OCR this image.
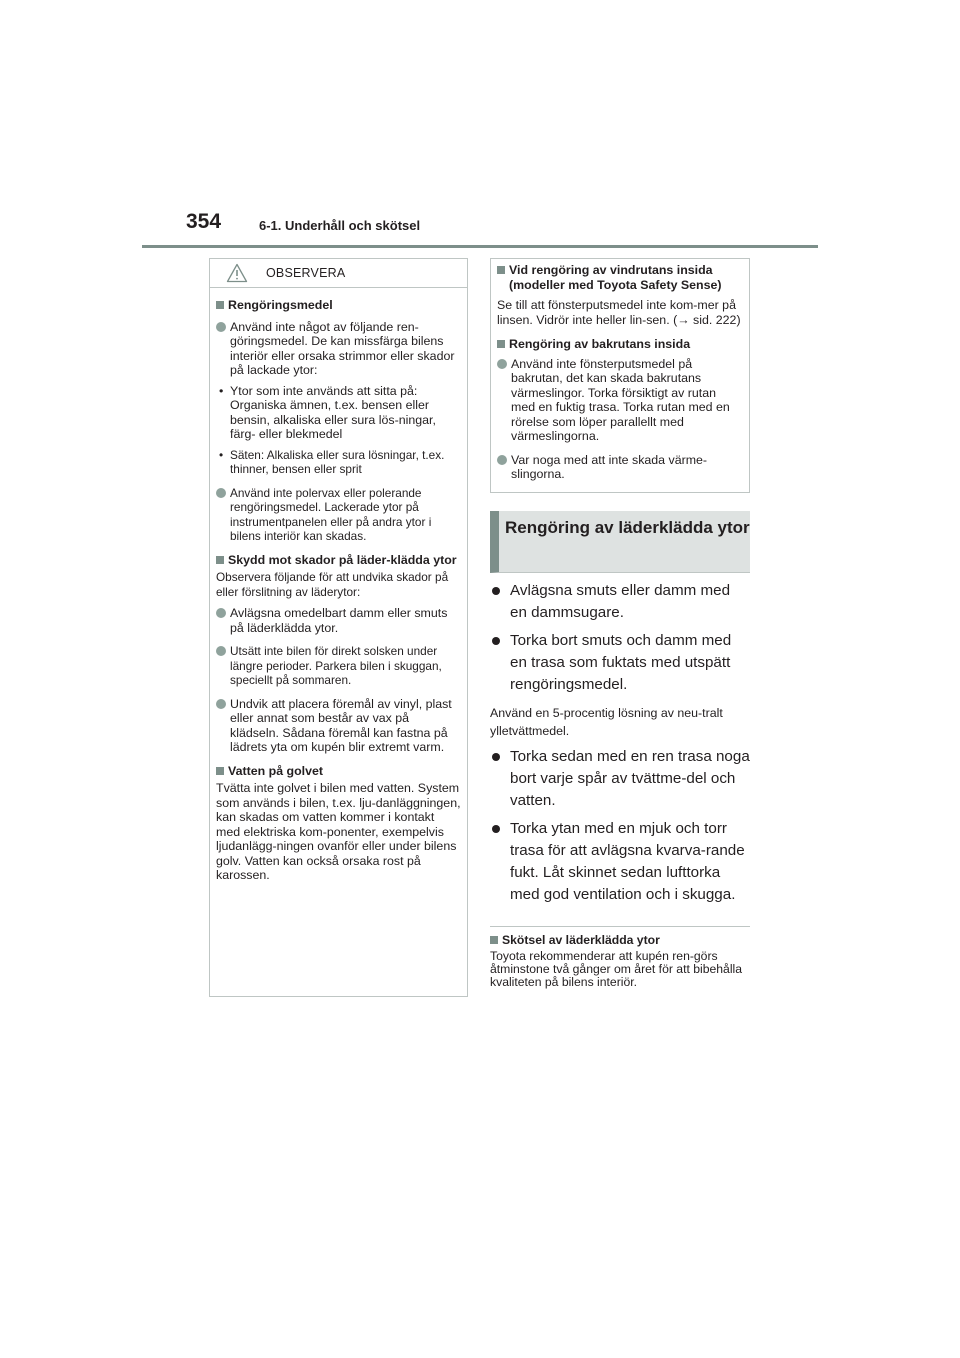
354	6-1. Underhåll och skötsel
OBSERVERA
Rengöringsmedel
Använd inte något av följande ren-göringsmedel. De kan missfärga bilens interiör eller orsaka strimmor eller skador på lackade ytor:
• Ytor som inte används att sitta på: Organiska ämnen, t.ex. bensen eller bensin, alkaliska eller sura lös-ningar, färg- eller blekmedel
• Säten: Alkaliska eller sura lösningar, t.ex. thinner, bensen eller sprit
Använd inte polervax eller polerande rengöringsmedel. Lackerade ytor på instrumentpanelen eller på andra ytor i bilens interiör kan skadas.
Skydd mot skador på läder-klädda ytor
Observera följande för att undvika skador på eller förslitning av läderytor:
Avlägsna omedelbart damm eller smuts på läderklädda ytor.
Utsätt inte bilen för direkt solsken under längre perioder. Parkera bilen i skuggan, speciellt på sommaren.
Undvik att placera föremål av vinyl, plast eller annat som består av vax på klädseln. Sådana föremål kan fastna på lädrets yta om kupén blir extremt varm.
Vatten på golvet
Tvätta inte golvet i bilen med vatten. System som används i bilen, t.ex. lju-danläggningen, kan skadas om vatten kommer i kontakt med elektriska kom-ponenter, exempelvis ljudanlägg-ningen ovanför eller under bilens golv. Vatten kan också orsaka rost på karossen.
Vid rengöring av vindrutans insida (modeller med Toyota Safety Sense)
Se till att fönsterputsmedel inte kom-mer på linsen. Vidrör inte heller lin-sen. (→ sid. 222)
Rengöring av bakrutans insida
Använd inte fönsterputsmedel på bakrutan, det kan skada bakrutans värmeslingor. Torka försiktigt av rutan med en fuktig trasa. Torka rutan med en rörelse som löper parallellt med värmeslingorna.
Var noga med att inte skada värme-slingorna.
Rengöring av läderklädda ytor
Avlägsna smuts eller damm med en dammsugare.
Torka bort smuts och damm med en trasa som fuktats med utspätt rengöringsmedel.
Använd en 5-procentig lösning av neu-tralt ylletvättmedel.
Torka sedan med en ren trasa noga bort varje spår av tvättme-del och vatten.
Torka ytan med en mjuk och torr trasa för att avlägsna kvarva-rande fukt. Låt skinnet sedan lufttorka med god ventilation och i skugga.
Skötsel av läderklädda ytor
Toyota rekommenderar att kupén ren-görs åtminstone två gånger om året för att bibehålla kvaliteten på bilens interiör.
